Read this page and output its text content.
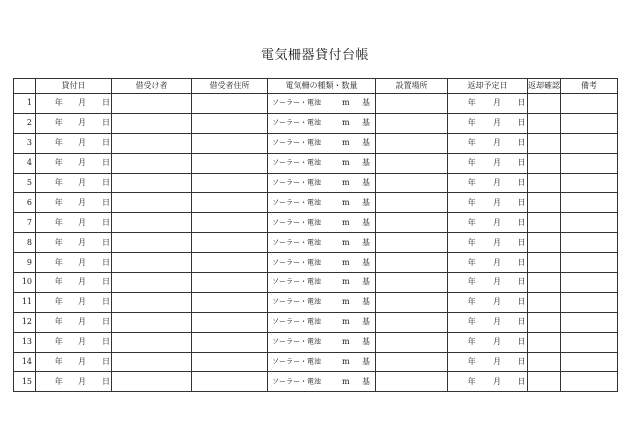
電気柵器貸付台帳
	貸付日	借受け者	借受者住所	電気柵の種類・数量	設置場所	返却予定日	返却確認	備考
1	年 月 日			ソーラー・電池 m 基		年 月 日		

2	年 月 日			ソーラー・電池 m 基		年 月 日		

3	年 月 日			ソーラー・電池 m 基		年 月 日		

4	年 月 日			ソーラー・電池 m 基		年 月 日		

5	年 月 日			ソーラー・電池 m 基		年 月 日		

6	年 月 日			ソーラー・電池 m 基		年 月 日		

7	年 月 日			ソーラー・電池 m 基		年 月 日		

8	年 月 日			ソーラー・電池 m 基		年 月 日		

9	年 月 日			ソーラー・電池 m 基		年 月 日		

10	年 月 日			ソーラー・電池 m 基		年 月 日		

11	年 月 日			ソーラー・電池 m 基		年 月 日		

12	年 月 日			ソーラー・電池 m 基		年 月 日		

13	年 月 日			ソーラー・電池 m 基		年 月 日		

14	年 月 日			ソーラー・電池 m 基		年 月 日		

15	年 月 日			ソーラー・電池 m 基		年 月 日		
